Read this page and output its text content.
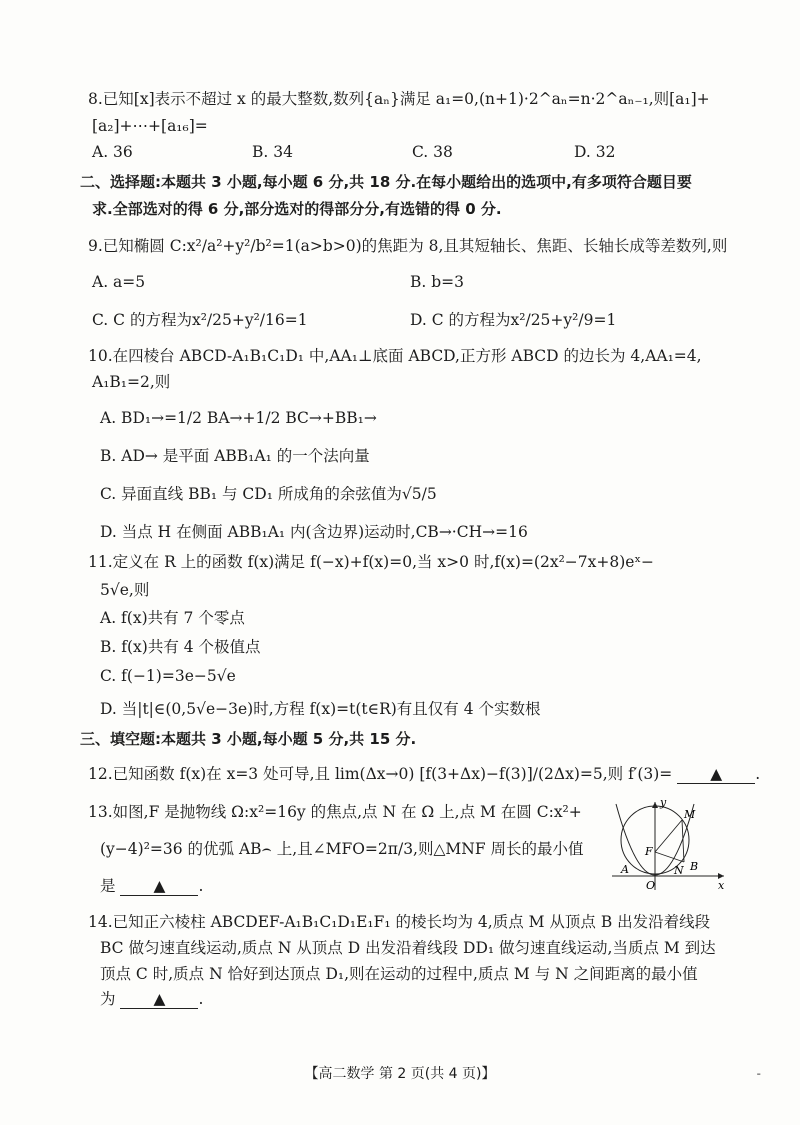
8.已知[x]表示不超过 x 的最大整数,数列{aₙ}满足 a₁=0,(n+1)·2^aₙ=n·2^aₙ₋₁,则[a₁]+
[a₂]+⋯+[a₁₆]=
A. 36	B. 34	C. 38	D. 32
二、选择题:本题共 3 小题,每小题 6 分,共 18 分.在每小题给出的选项中,有多项符合题目要
求.全部选对的得 6 分,部分选对的得部分分,有选错的得 0 分.
9.已知椭圆 C:x²/a²+y²/b²=1(a>b>0)的焦距为 8,且其短轴长、焦距、长轴长成等差数列,则
A. a=5	B. b=3
C. C 的方程为x²/25+y²/16=1	D. C 的方程为x²/25+y²/9=1
10.在四棱台 ABCD-A₁B₁C₁D₁ 中,AA₁⊥底面 ABCD,正方形 ABCD 的边长为 4,AA₁=4,
A₁B₁=2,则
A. BD₁→=1/2 BA→+1/2 BC→+BB₁→
B. AD→ 是平面 ABB₁A₁ 的一个法向量
C. 异面直线 BB₁ 与 CD₁ 所成角的余弦值为√5/5
D. 当点 H 在侧面 ABB₁A₁ 内(含边界)运动时,CB→·CH→=16
11.定义在 R 上的函数 f(x)满足 f(−x)+f(x)=0,当 x>0 时,f(x)=(2x²−7x+8)eˣ−
5√e,则
A. f(x)共有 7 个零点
B. f(x)共有 4 个极值点
C. f(−1)=3e−5√e
D. 当|t|∈(0,5√e−3e)时,方程 f(x)=t(t∈R)有且仅有 4 个实数根
三、填空题:本题共 3 小题,每小题 5 分,共 15 分.
12.已知函数 f(x)在 x=3 处可导,且 lim(Δx→0) [f(3+Δx)−f(3)]/(2Δx)=5,则 f′(3)= ▲ .
13.如图,F 是抛物线 Ω:x²=16y 的焦点,点 N 在 Ω 上,点 M 在圆 C:x²+
(y−4)²=36 的优弧 AB⌢ 上,且∠MFO=2π/3,则△MNF 周长的最小值
是 ▲ .
y
x
O
F
M
A	B
N
14.已知正六棱柱 ABCDEF-A₁B₁C₁D₁E₁F₁ 的棱长均为 4,质点 M 从顶点 B 出发沿着线段
BC 做匀速直线运动,质点 N 从顶点 D 出发沿着线段 DD₁ 做匀速直线运动,当质点 M 到达
顶点 C 时,质点 N 恰好到达顶点 D₁,则在运动的过程中,质点 M 与 N 之间距离的最小值
为 ▲ .
【高二数学 第 2 页(共 4 页)】	¯
